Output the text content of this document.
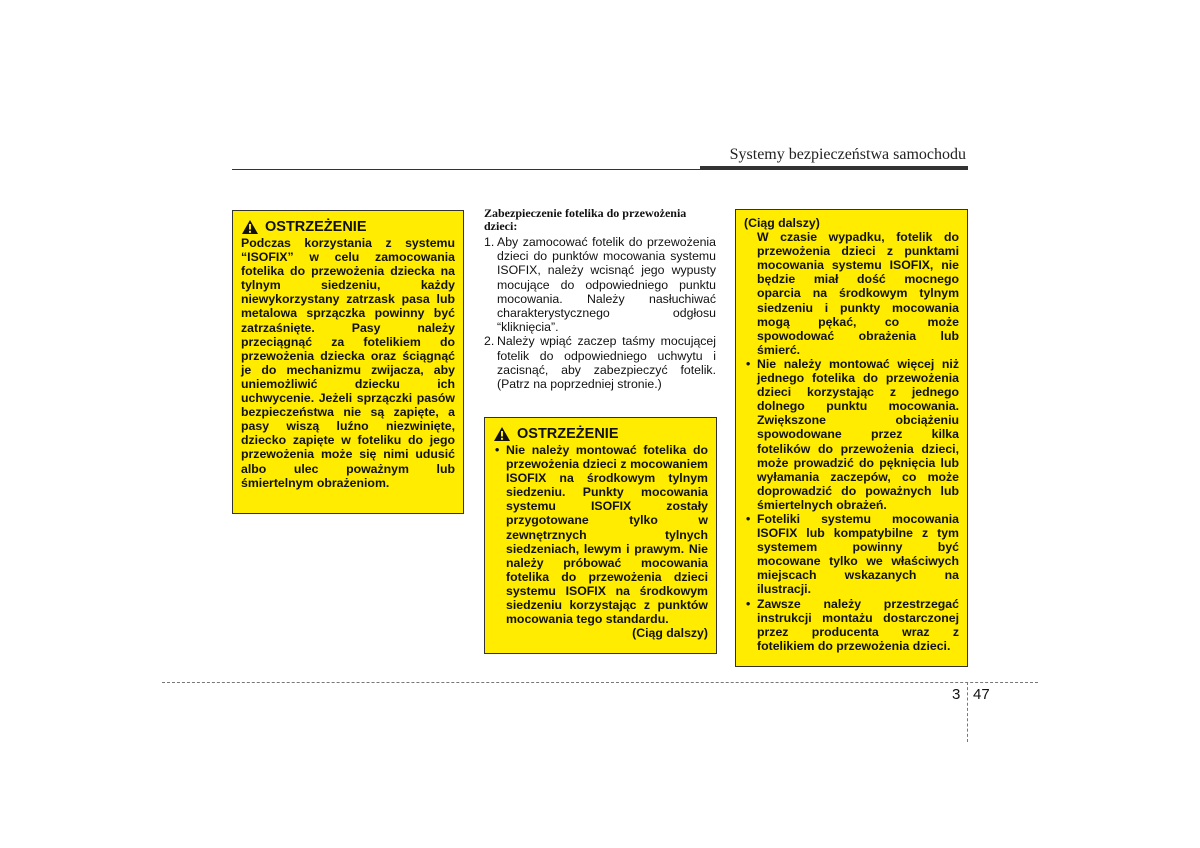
Systemy bezpieczeństwa samochodu
OSTRZEŻENIE
Podczas korzystania z systemu “ISOFIX” w celu zamocowania fotelika do przewożenia dziecka na tylnym siedzeniu, każdy niewykorzystany zatrzask pasa lub metalowa sprzączka powinny być zatrzaśnięte. Pasy należy przeciągnąć za fotelikiem do przewożenia dziecka oraz ściągnąć je do mechanizmu zwijacza, aby uniemożliwić dziecku ich uchwycenie. Jeżeli sprzączki pasów bezpieczeństwa nie są zapięte, a pasy wiszą luźno niezwinięte, dziecko zapięte w foteliku do jego przewożenia może się nimi udusić albo ulec poważnym lub śmiertelnym obrażeniom.
Zabezpieczenie fotelika do przewożenia dzieci:
1. Aby zamocować fotelik do przewożenia dzieci do punktów mocowania systemu ISOFIX, należy wcisnąć jego wypusty mocujące do odpowiedniego punktu mocowania. Należy nasłuchiwać charakterystycznego odgłosu “kliknięcia”.
2. Należy wpiąć zaczep taśmy mocującej fotelik do odpowiedniego uchwytu i zacisnąć, aby zabezpieczyć fotelik. (Patrz na poprzedniej stronie.)
OSTRZEŻENIE
• Nie należy montować fotelika do przewożenia dzieci z mocowaniem ISOFIX na środkowym tylnym siedzeniu. Punkty mocowania systemu ISOFIX zostały przygotowane tylko w zewnętrznych tylnych siedzeniach, lewym i prawym. Nie należy próbować mocowania fotelika do przewożenia dzieci systemu ISOFIX na środkowym siedzeniu korzystając z punktów mocowania tego standardu.
(Ciąg dalszy)
(Ciąg dalszy)
W czasie wypadku, fotelik do przewożenia dzieci z punktami mocowania systemu ISOFIX, nie będzie miał dość mocnego oparcia na środkowym tylnym siedzeniu i punkty mocowania mogą pękać, co może spowodować obrażenia lub śmierć.
• Nie należy montować więcej niż jednego fotelika do przewożenia dzieci korzystając z jednego dolnego punktu mocowania. Zwiększone obciążeniu spowodowane przez kilka fotelików do przewożenia dzieci, może prowadzić do pęknięcia lub wyłamania zaczepów, co może doprowadzić do poważnych lub śmiertelnych obrażeń.
• Foteliki systemu mocowania ISOFIX lub kompatybilne z tym systemem powinny być mocowane tylko we właściwych miejscach wskazanych na ilustracji.
• Zawsze należy przestrzegać instrukcji montażu dostarczonej przez producenta wraz z fotelikiem do przewożenia dzieci.
3 47
